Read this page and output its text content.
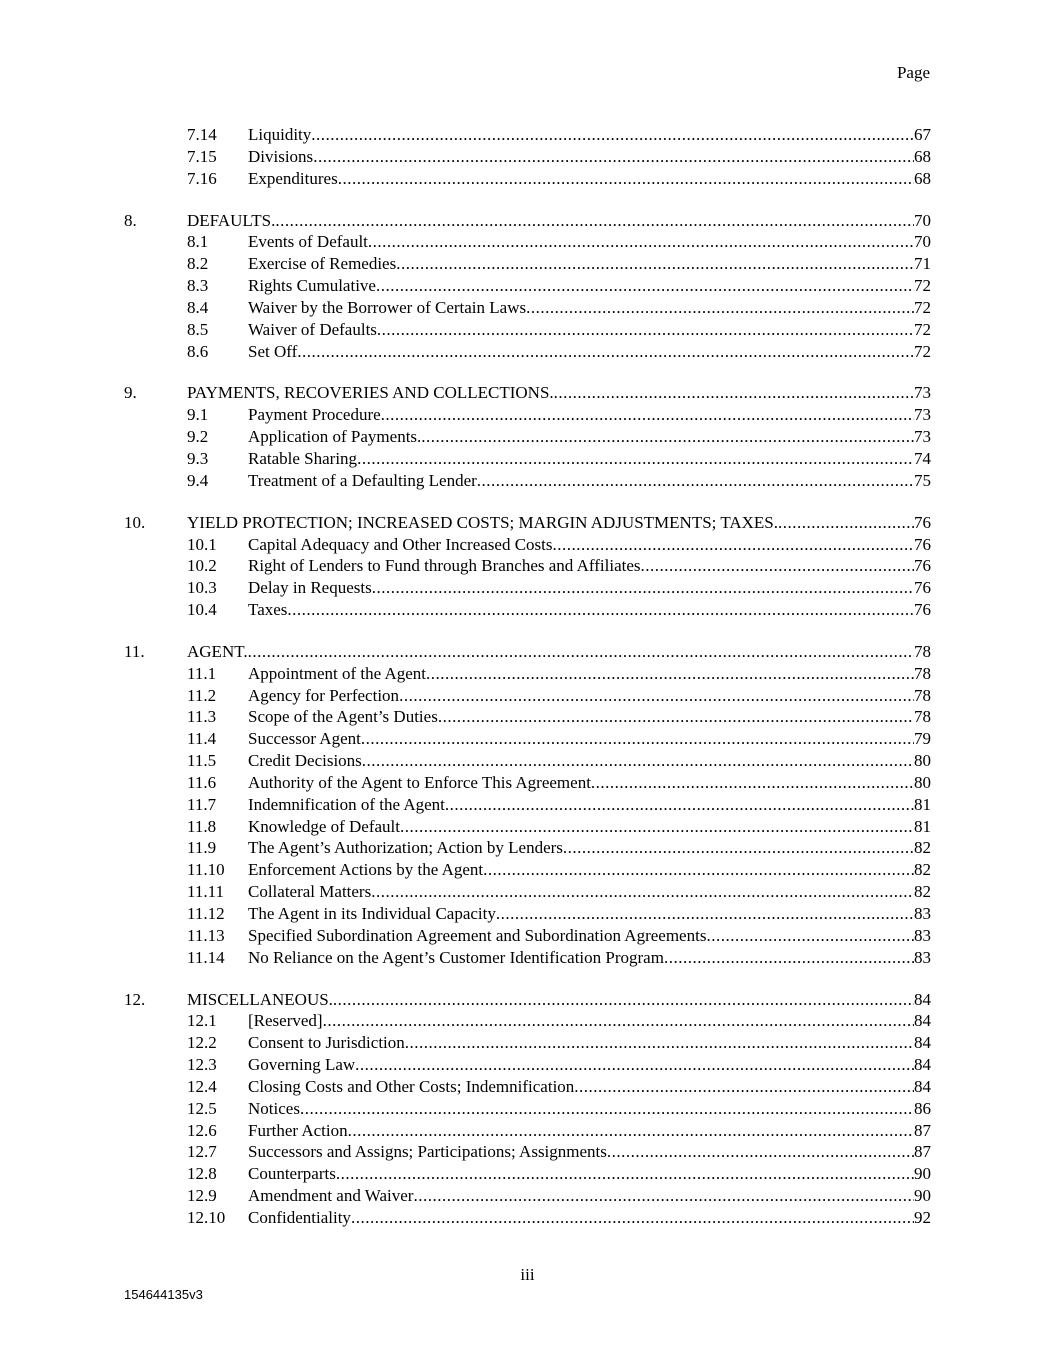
Page
7.14 Liquidity .....	67
7.15 Divisions .....	68
7.16 Expenditures .....	68
8.	DEFAULTS. .....	70
8.1 Events of Default .....	70
8.2 Exercise of Remedies .....	71
8.3 Rights Cumulative .....	72
8.4 Waiver by the Borrower of Certain Laws .....	72
8.5 Waiver of Defaults .....	72
8.6 Set Off .....	72
9.	PAYMENTS, RECOVERIES AND COLLECTIONS. .....	73
9.1 Payment Procedure .....	73
9.2 Application of Payments. .....	73
9.3 Ratable Sharing .....	74
9.4 Treatment of a Defaulting Lender .....	75
10. YIELD PROTECTION; INCREASED COSTS; MARGIN ADJUSTMENTS; TAXES. .....	76
10.1 Capital Adequacy and Other Increased Costs .....	76
10.2 Right of Lenders to Fund through Branches and Affiliates .....	76
10.3 Delay in Requests .....	76
10.4 Taxes .....	76
11. AGENT. .....	78
11.1 Appointment of the Agent .....	78
11.2 Agency for Perfection .....	78
11.3 Scope of the Agent’s Duties .....	78
11.4 Successor Agent .....	79
11.5 Credit Decisions .....	80
11.6 Authority of the Agent to Enforce This Agreement .....	80
11.7 Indemnification of the Agent .....	81
11.8 Knowledge of Default .....	81
11.9 The Agent’s Authorization; Action by Lenders .....	82
11.10 Enforcement Actions by the Agent .....	82
11.11 Collateral Matters .....	82
11.12 The Agent in its Individual Capacity .....	83
11.13 Specified Subordination Agreement and Subordination Agreements .....	83
11.14 No Reliance on the Agent’s Customer Identification Program .....	83
12. MISCELLANEOUS. .....	84
12.1 [Reserved] .....	84
12.2 Consent to Jurisdiction .....	84
12.3 Governing Law .....	84
12.4 Closing Costs and Other Costs; Indemnification .....	84
12.5 Notices .....	86
12.6 Further Action .....	87
12.7 Successors and Assigns; Participations; Assignments .....	87
12.8 Counterparts .....	90
12.9 Amendment and Waiver .....	90
12.10 Confidentiality .....	92
iii
154644135v3
